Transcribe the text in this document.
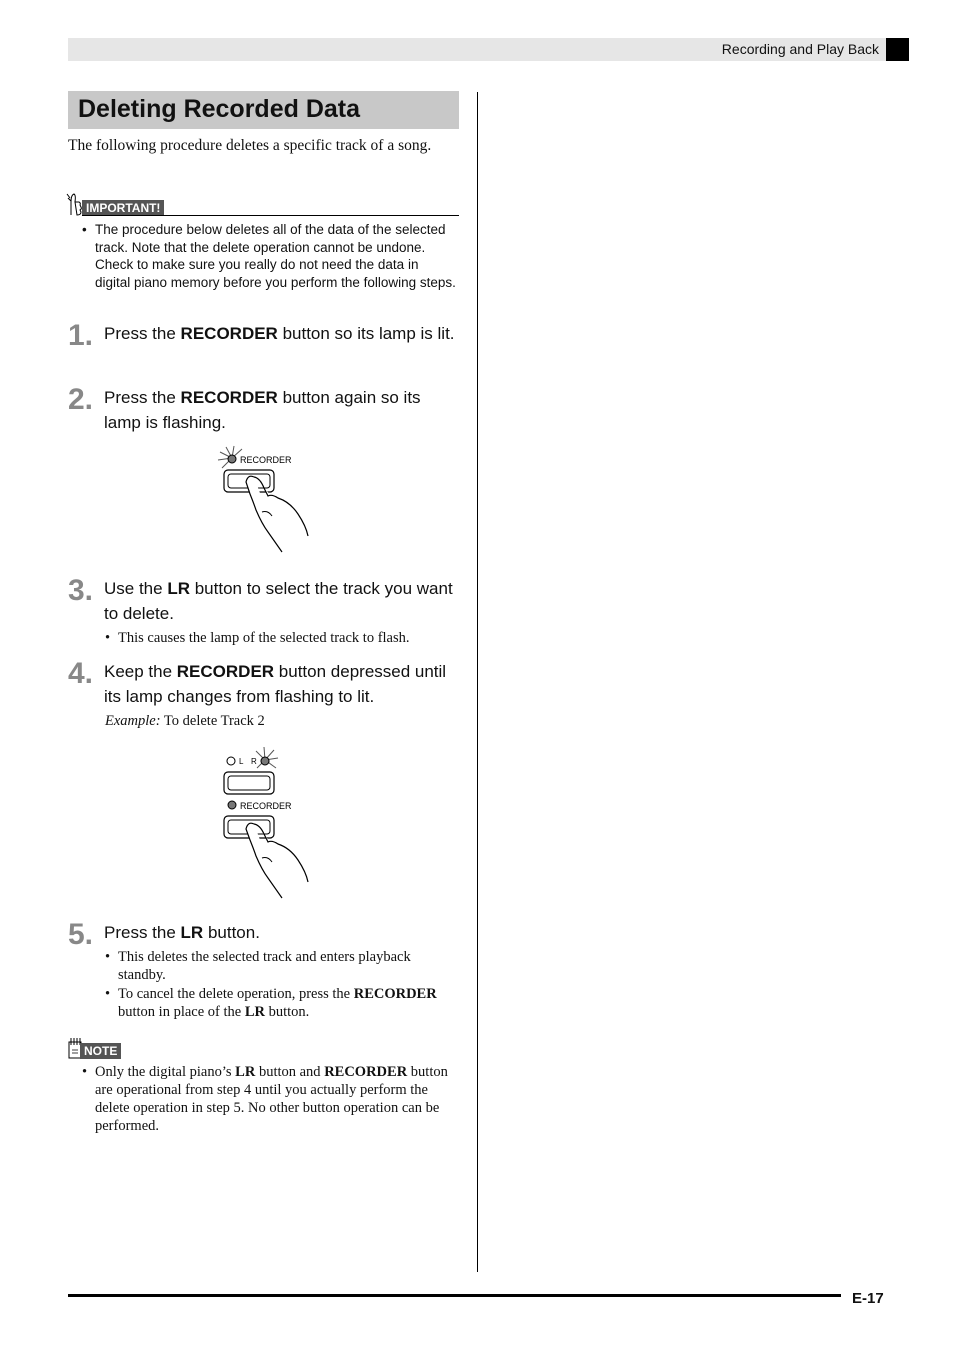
Recording and Play Back
Deleting Recorded Data
The following procedure deletes a specific track of a song.
IMPORTANT!
• The procedure below deletes all of the data of the selected track. Note that the delete operation cannot be undone. Check to make sure you really do not need the data in digital piano memory before you perform the following steps.
1. Press the RECORDER button so its lamp is lit.
2. Press the RECORDER button again so its lamp is flashing.
RECORDER
3. Use the LR button to select the track you want to delete.
• This causes the lamp of the selected track to flash.
4. Keep the RECORDER button depressed until its lamp changes from flashing to lit.
Example: To delete Track 2
L R
RECORDER
5. Press the LR button.
• This deletes the selected track and enters playback standby.
• To cancel the delete operation, press the RECORDER button in place of the LR button.
NOTE
• Only the digital piano’s LR button and RECORDER button are operational from step 4 until you actually perform the delete operation in step 5. No other button operation can be performed.
E-17
